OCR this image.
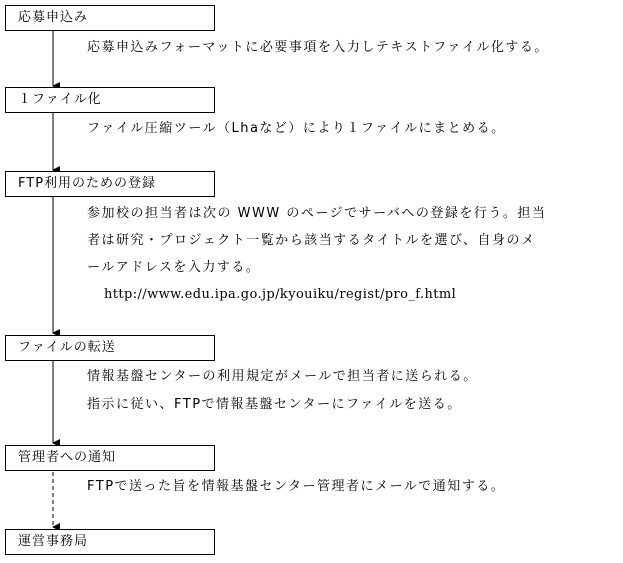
応募申込み
応募申込みフォーマットに必要事項を入力しテキストファイル化する。
１ファイル化
ファイル圧縮ツール（Lhaなど）により１ファイルにまとめる。
FTP利用のための登録
参加校の担当者は次の WWW のページでサーバへの登録を行う。担当
者は研究・プロジェクト一覧から該当するタイトルを選び、自身のメ
ールアドレスを入力する。
http://www.edu.ipa.go.jp/kyouiku/regist/pro_f.html
ファイルの転送
情報基盤センターの利用規定がメールで担当者に送られる。
指示に従い、FTPで情報基盤センターにファイルを送る。
管理者への通知
FTPで送った旨を情報基盤センター管理者にメールで通知する。
運営事務局
